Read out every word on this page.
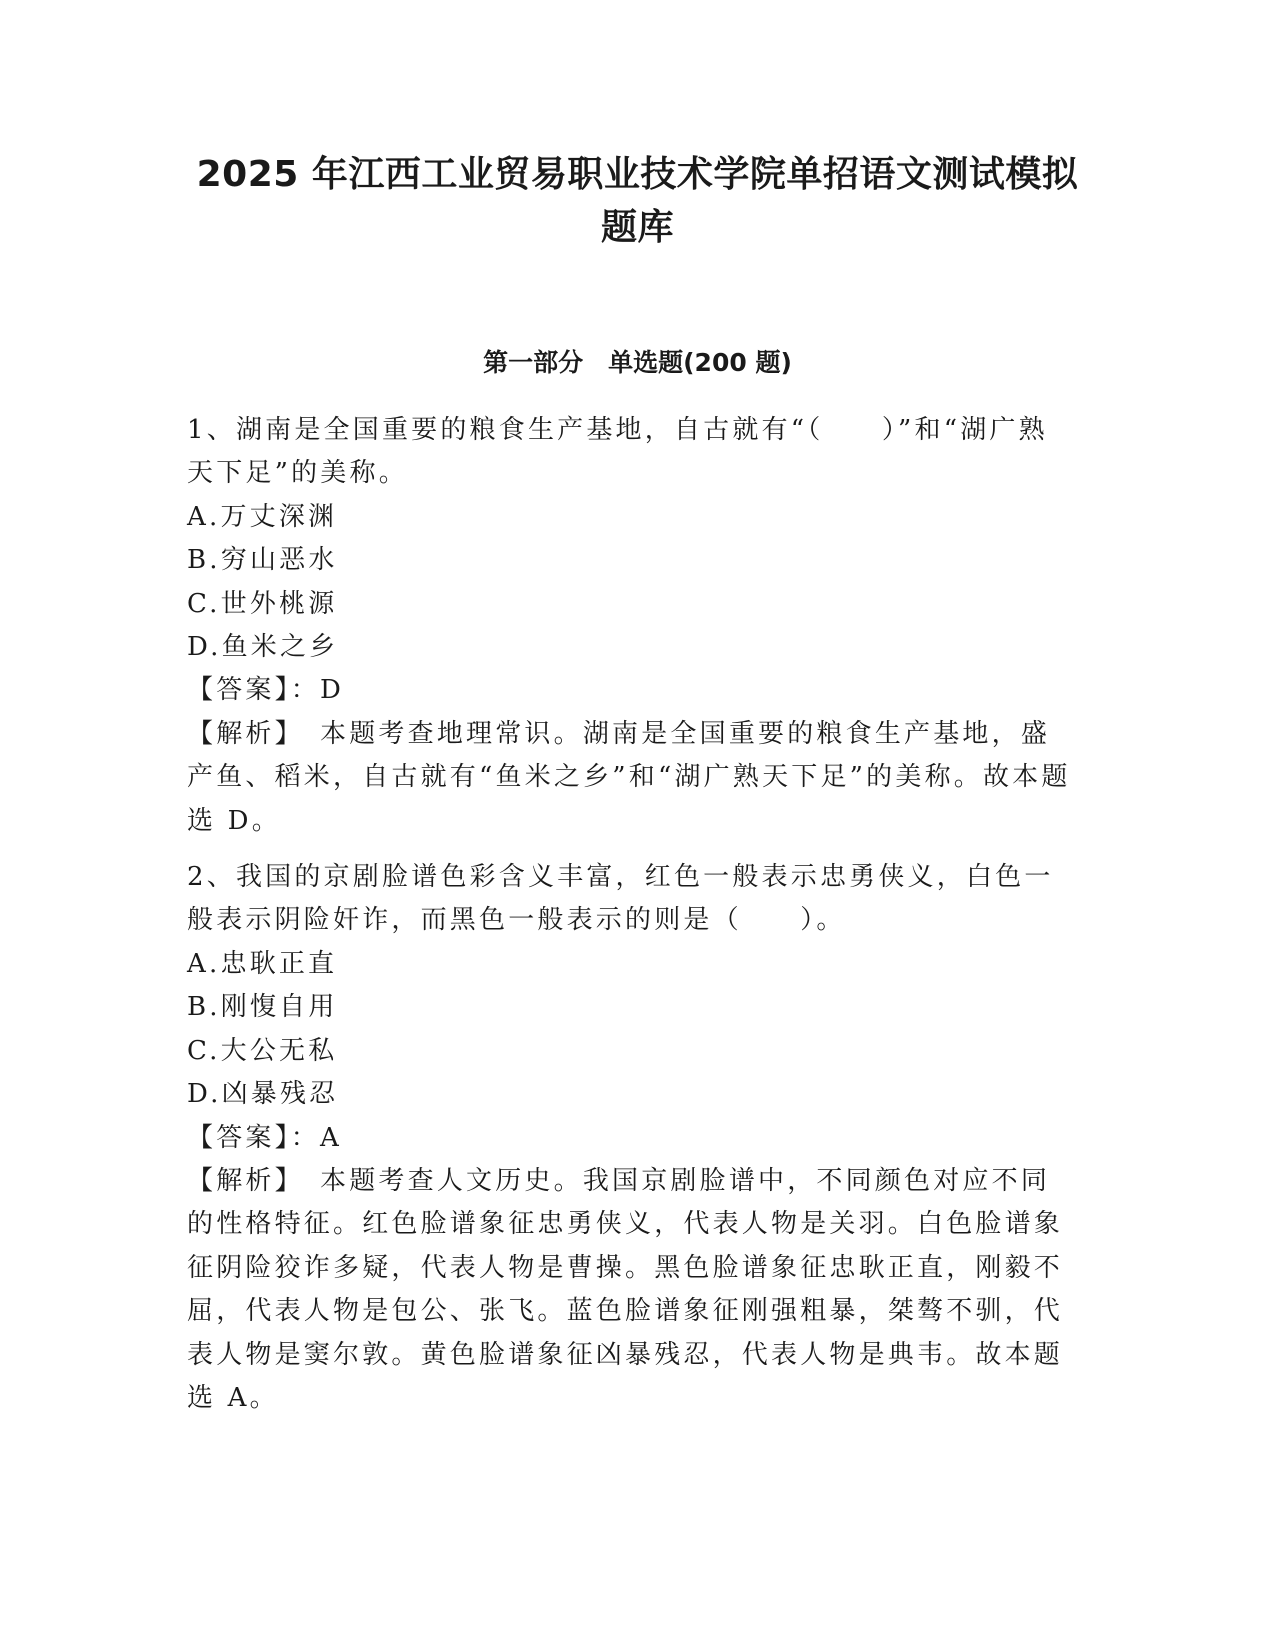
2025 年江西工业贸易职业技术学院单招语文测试模拟
题库
第一部分　单选题(200 题)

1、湖南是全国重要的粮食生产基地，自古就有“（　　）”和“湖广熟天下足”的美称。

A.万丈深渊

B.穷山恶水

C.世外桃源

D.鱼米之乡

【答案】：D

【解析】　本题考查地理常识。湖南是全国重要的粮食生产基地，盛产鱼、稻米，自古就有“鱼米之乡”和“湖广熟天下足”的美称。故本题选 D。

2、我国的京剧脸谱色彩含义丰富，红色一般表示忠勇侠义，白色一般表示阴险奸诈，而黑色一般表示的则是（　　）。

A.忠耿正直

B.刚愎自用

C.大公无私

D.凶暴残忍

【答案】：A

【解析】　本题考查人文历史。我国京剧脸谱中，不同颜色对应不同的性格特征。红色脸谱象征忠勇侠义，代表人物是关羽。白色脸谱象征阴险狡诈多疑，代表人物是曹操。黑色脸谱象征忠耿正直，刚毅不屈，代表人物是包公、张飞。蓝色脸谱象征刚强粗暴，桀骜不驯，代表人物是窦尔敦。黄色脸谱象征凶暴残忍，代表人物是典韦。故本题选 A。
